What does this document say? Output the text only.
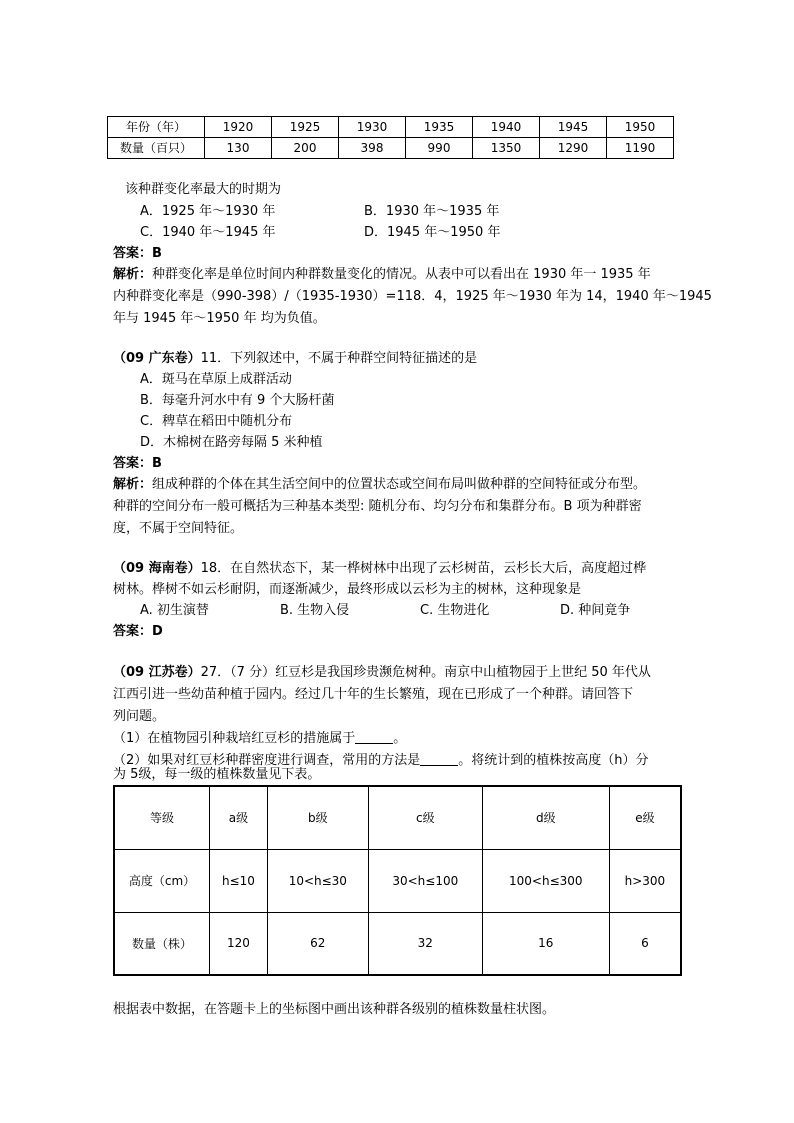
年份（年）	1920	1925	1930	1935	1940	1945	1950
数量（百只）	130	200	398	990	1350	1290	1190
该种群变化率最大的时期为
A．1925 年～1930 年	B．1930 年～1935 年
C．1940 年～1945 年	D．1945 年～1950 年
答案：B
解析：种群变化率是单位时间内种群数量变化的情况。从表中可以看出在 1930 年一 1935 年
内种群变化率是（990-398）/（1935-1930）=118．4，1925 年～1930 年为 14，1940 年～1945
年与 1945 年～1950 年 均为负值。
（09 广东卷）11．下列叙述中，不属于种群空间特征描述的是
A．斑马在草原上成群活动
B．每毫升河水中有 9 个大肠杆菌
C．稗草在稻田中随机分布
D．木棉树在路旁每隔 5 米种植
答案：B
解析：组成种群的个体在其生活空间中的位置状态或空间布局叫做种群的空间特征或分布型。
种群的空间分布一般可概括为三种基本类型: 随机分布、均匀分布和集群分布。B 项为种群密
度，不属于空间特征。
（09 海南卷）18．在自然状态下，某一桦树林中出现了云杉树苗，云杉长大后，高度超过桦
树林。桦树不如云杉耐阴，而逐渐减少，最终形成以云杉为主的树林，这种现象是
A. 初生演替	B. 生物入侵	C. 生物进化	D. 种间竟争
答案：D
（09 江苏卷）27．（7 分）红豆杉是我国珍贵濒危树种。南京中山植物园于上世纪 50 年代从
江西引进一些幼苗种植于园内。经过几十年的生长繁殖，现在已形成了一个种群。请回答下
列问题。
（1）在植物园引种栽培红豆杉的措施属于	。
（2）如果对红豆杉种群密度进行调查，常用的方法是	。将统计到的植株按高度（h）分
为 5级，每一级的植株数量见下表。
等级	a级	b级	c级	d级	e级
高度（cm）	h≤10	10<h≤30	30<h≤100	100<h≤300	h>300
数量（株）	120	62	32	16	6
根据表中数据，在答题卡上的坐标图中画出该种群各级别的植株数量柱状图。
